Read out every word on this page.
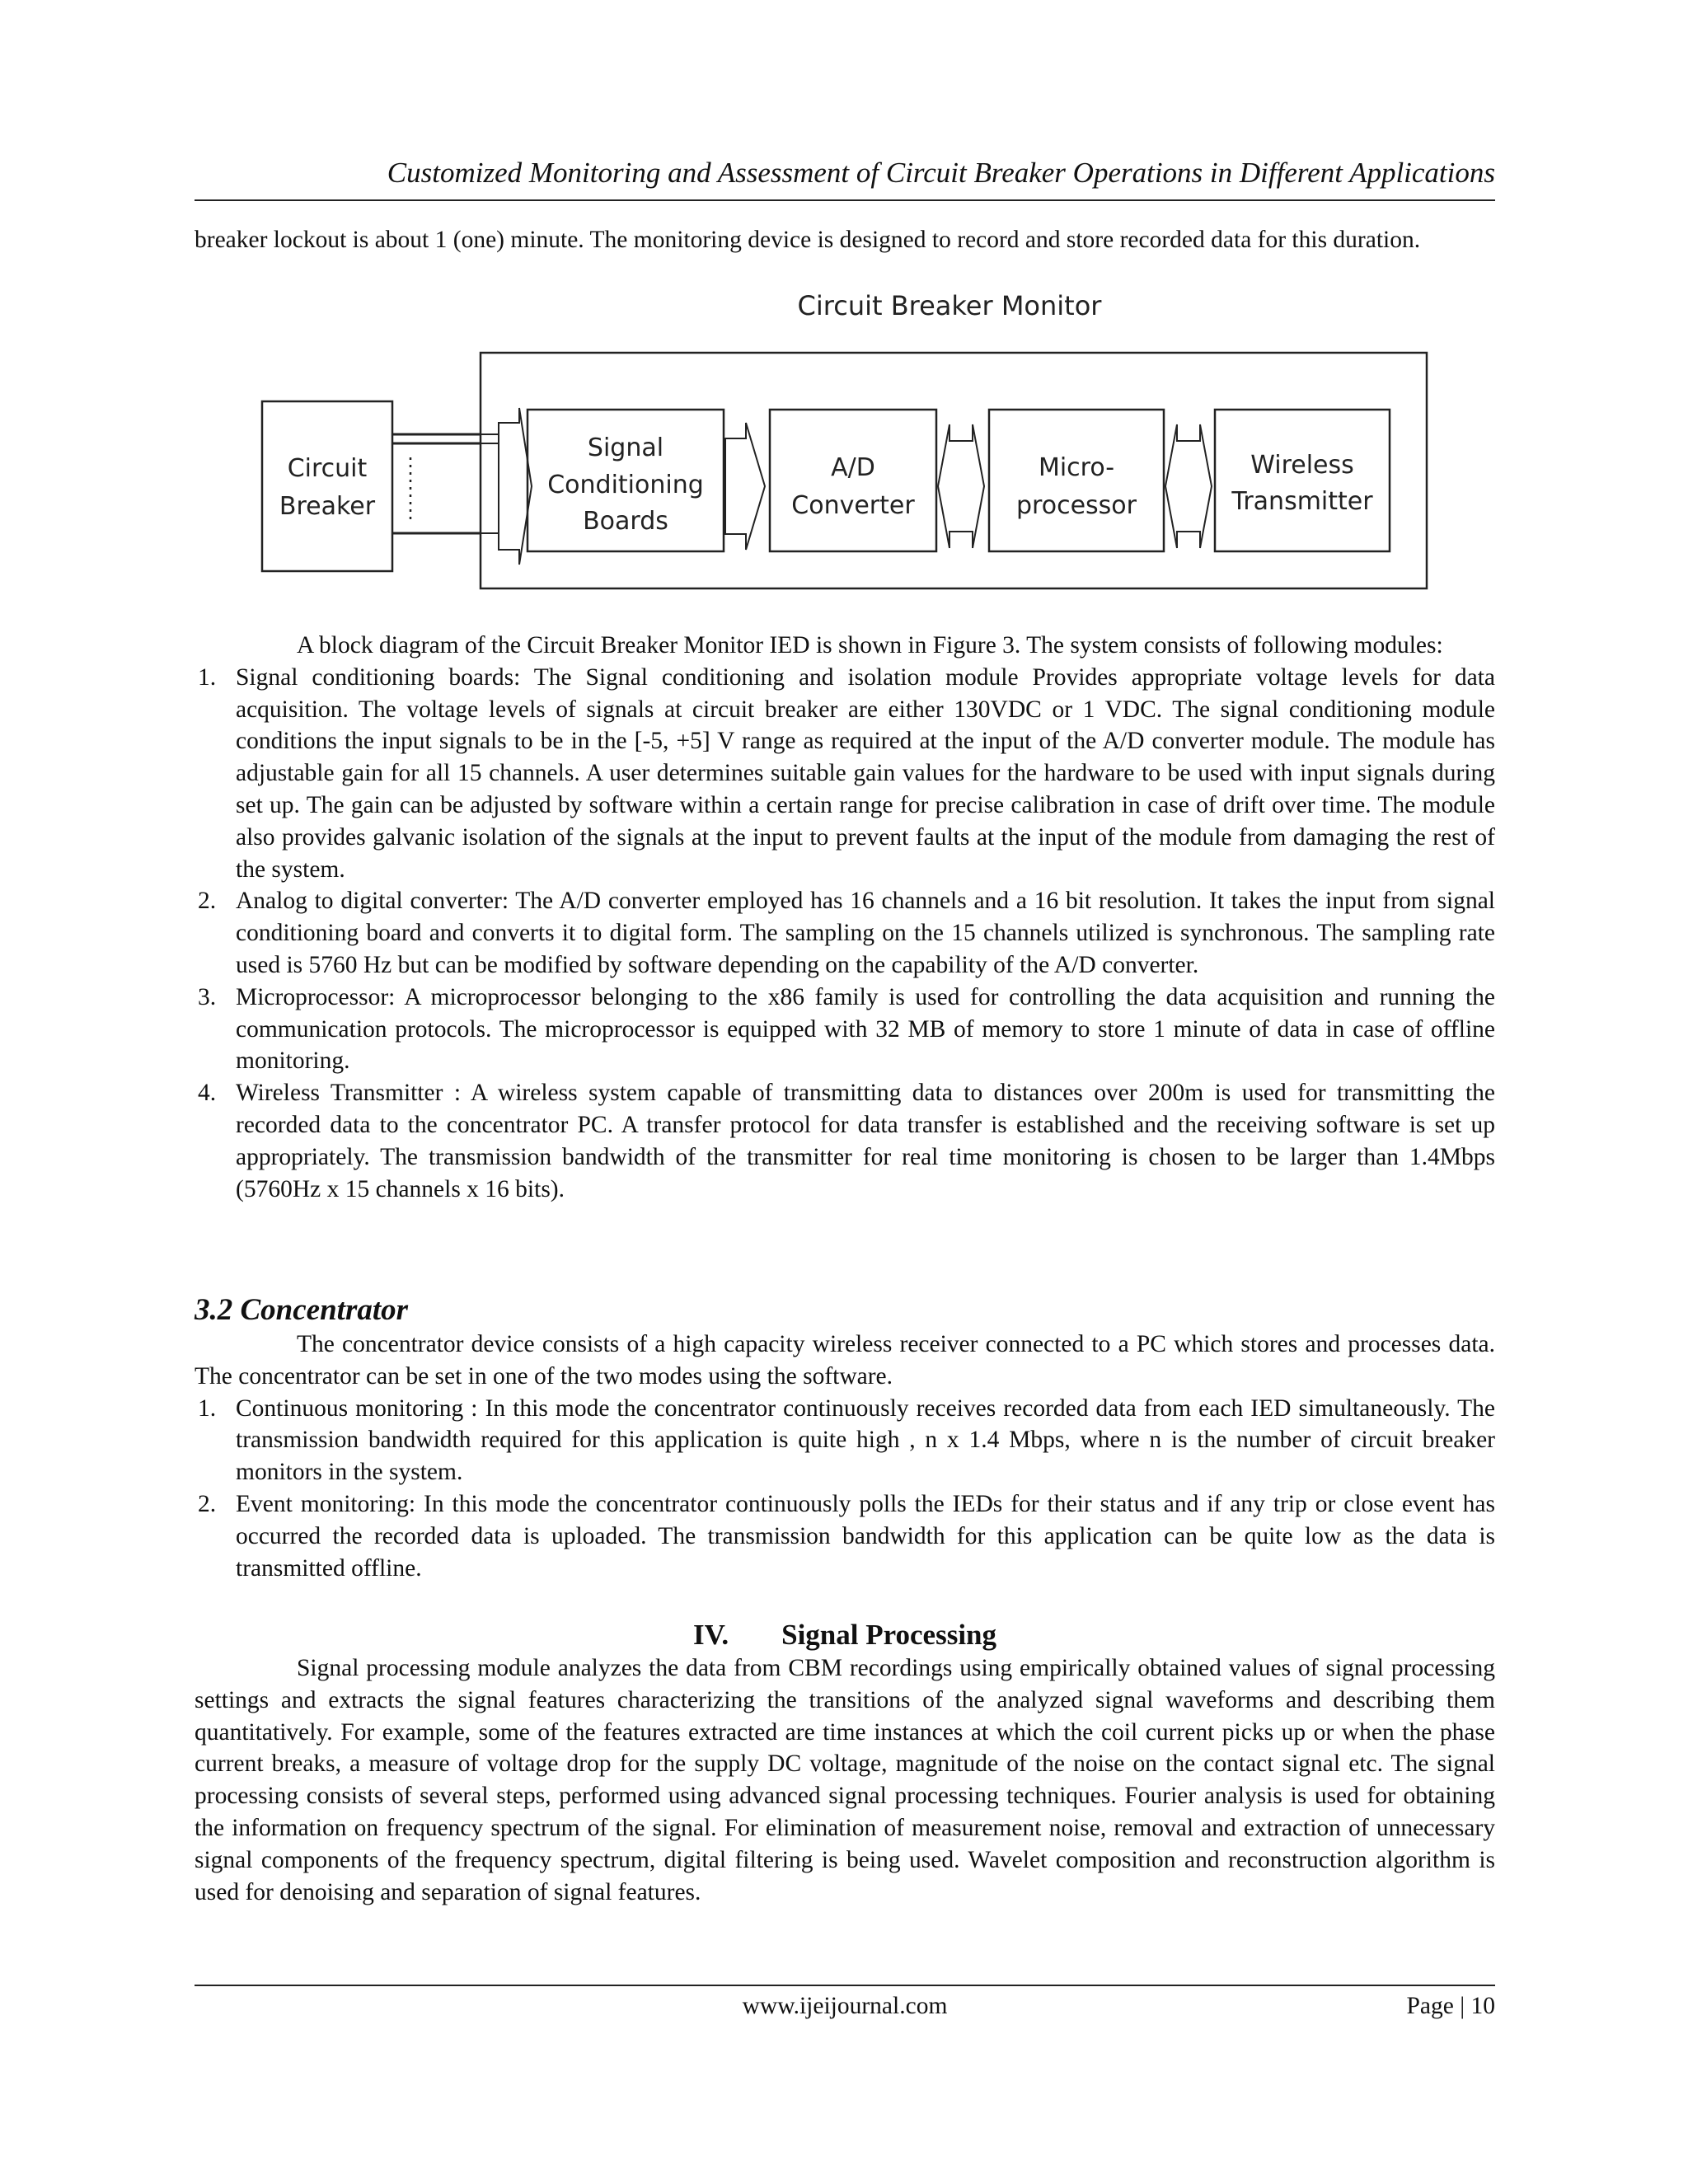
Customized Monitoring and Assessment of Circuit Breaker Operations in Different Applications

breaker lockout is about 1 (one) minute. The monitoring device is designed to record and store recorded data for this duration.

Circuit Breaker Monitor
Circuit
Breaker
Signal
Conditioning
Boards
A/D
Converter
Micro-
processor
Wireless
Transmitter

A block diagram of the Circuit Breaker Monitor IED is shown in Figure 3. The system consists of following modules:

1. Signal conditioning boards: The Signal conditioning and isolation module Provides appropriate voltage levels for data acquisition. The voltage levels of signals at circuit breaker are either 130VDC or 1 VDC. The signal conditioning module conditions the input signals to be in the [-5, +5] V range as required at the input of the A/D converter module. The module has adjustable gain for all 15 channels. A user determines suitable gain values for the hardware to be used with input signals during set up. The gain can be adjusted by software within a certain range for precise calibration in case of drift over time. The module also provides galvanic isolation of the signals at the input to prevent faults at the input of the module from damaging the rest of the system.
2. Analog to digital converter: The A/D converter employed has 16 channels and a 16 bit resolution. It takes the input from signal conditioning board and converts it to digital form. The sampling on the 15 channels utilized is synchronous. The sampling rate used is 5760 Hz but can be modified by software depending on the capability of the A/D converter.
3. Microprocessor: A microprocessor belonging to the x86 family is used for controlling the data acquisition and running the communication protocols. The microprocessor is equipped with 32 MB of memory to store 1 minute of data in case of offline monitoring.
4. Wireless Transmitter : A wireless system capable of transmitting data to distances over 200m is used for transmitting the recorded data to the concentrator PC. A transfer protocol for data transfer is established and the receiving software is set up appropriately. The transmission bandwidth of the transmitter for real time monitoring is chosen to be larger than 1.4Mbps (5760Hz x 15 channels x 16 bits).
3.2 Concentrator

The concentrator device consists of a high capacity wireless receiver connected to a PC which stores and processes data. The concentrator can be set in one of the two modes using the software.

1. Continuous monitoring : In this mode the concentrator continuously receives recorded data from each IED simultaneously. The transmission bandwidth required for this application is quite high , n x 1.4 Mbps, where n is the number of circuit breaker monitors in the system.
2. Event monitoring: In this mode the concentrator continuously polls the IEDs for their status and if any trip or close event has occurred the recorded data is uploaded. The transmission bandwidth for this application can be quite low as the data is transmitted offline.
IV. Signal Processing

Signal processing module analyzes the data from CBM recordings using empirically obtained values of signal processing settings and extracts the signal features characterizing the transitions of the analyzed signal waveforms and describing them quantitatively. For example, some of the features extracted are time instances at which the coil current picks up or when the phase current breaks, a measure of voltage drop for the supply DC voltage, magnitude of the noise on the contact signal etc. The signal processing consists of several steps, performed using advanced signal processing techniques. Fourier analysis is used for obtaining the information on frequency spectrum of the signal. For elimination of measurement noise, removal and extraction of unnecessary signal components of the frequency spectrum, digital filtering is being used. Wavelet composition and reconstruction algorithm is used for denoising and separation of signal features.

www.ijeijournal.com	Page | 10
